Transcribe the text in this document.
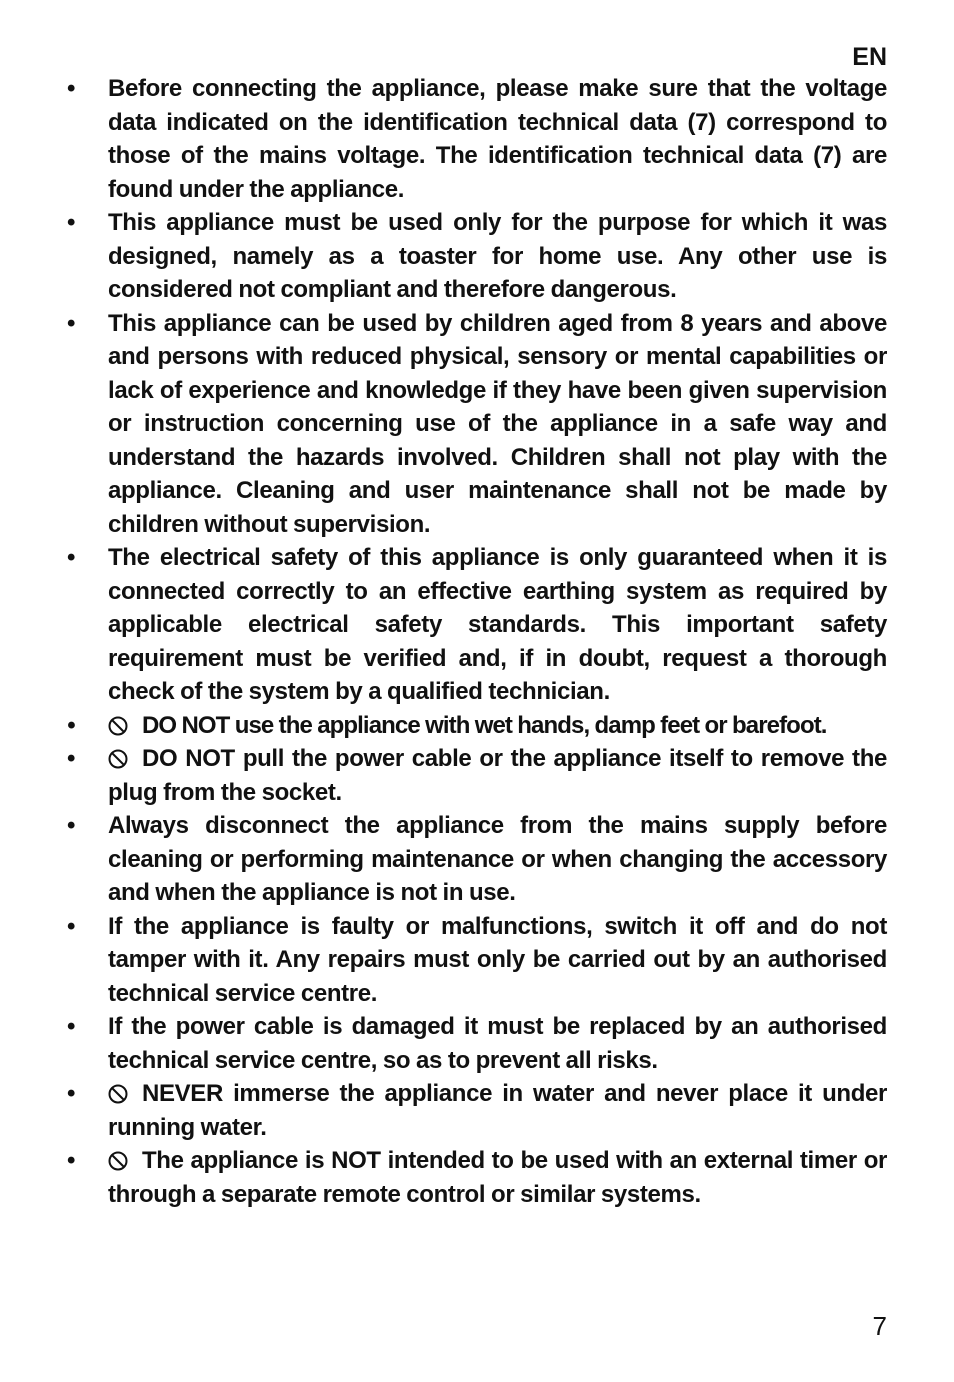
EN
• Before connecting the appliance, please make sure that the voltage data indicated on the identification technical data (7) correspond to those of the mains voltage. The identification technical data (7) are found under the appliance.
• This appliance must be used only for the purpose for which it was designed, namely as a toaster for home use. Any other use is considered not compliant and therefore dangerous.
• This appliance can be used by children aged from 8 years and above and persons with reduced physical, sensory or mental capabilities or lack of experience and knowledge if they have been given supervision or instruction concerning use of the appliance in a safe way and understand the hazards involved. Children shall not play with the appliance. Cleaning and user maintenance shall not be made by children without supervision.
• The electrical safety of this appliance is only guaranteed when it is connected correctly to an effective earthing system as required by applicable electrical safety standards. This important safety requirement must be verified and, if in doubt, request a thorough check of the system by a qualified technician.
•	DO NOT use the appliance with wet hands, damp feet or barefoot.
•	DO NOT pull the power cable or the appliance itself to remove the plug from the socket.
• Always disconnect the appliance from the mains supply before cleaning or performing maintenance or when changing the accessory and when the appliance is not in use.
• If the appliance is faulty or malfunctions, switch it off and do not tamper with it. Any repairs must only be carried out by an authorised technical service centre.
• If the power cable is damaged it must be replaced by an authorised technical service centre, so as to prevent all risks.
•	NEVER immerse the appliance in water and never place it under running water.
•	The appliance is NOT intended to be used with an external timer or through a separate remote control or similar systems.
7
